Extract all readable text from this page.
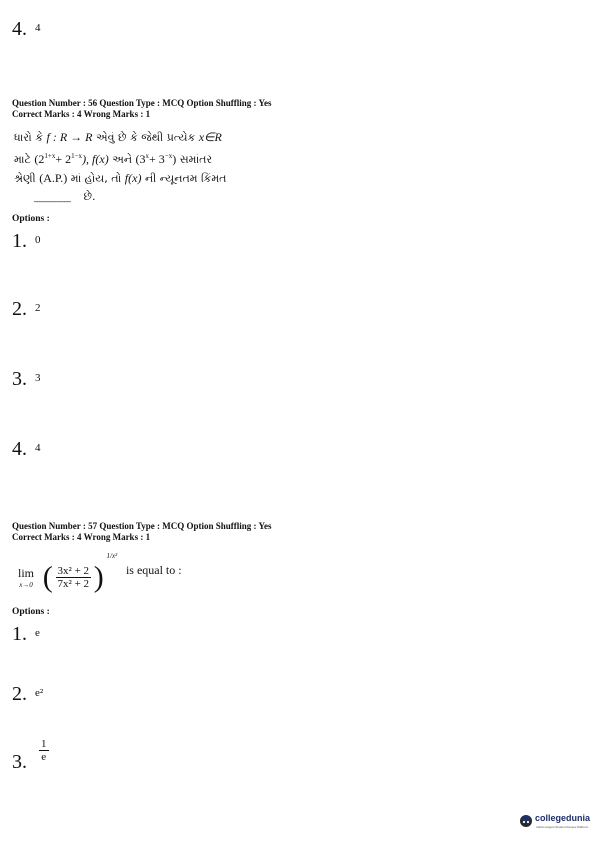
4. $^4$
Question Number : 56 Question Type : MCQ Option Shuffling : Yes
Correct Marks : 4 Wrong Marks : 1
ધારો કે f : R → R એવું છે કે જેથી પ્રત્યેક x∈R
માટે $(2^{1+x}+ 2^{1-x})$, f(x) અને $(3^x+ 3^{-x})$ સમાંતર
શ્રેણી (A.P.) માં હોય, તો f(x) ની ન્યૂનતમ કિંમત
____________ છે.
Options :
1. $^0$
2. $^2$
3. $^3$
4. $^4$
Question Number : 57 Question Type : MCQ Option Shuffling : Yes
Correct Marks : 4 Wrong Marks : 1
lim
x→0 ( $\frac{\text{3x² + 2}}{\text{7x² + 2}}$ ) $^{1/x^2}$ is equal to :
Options :
1. $^e$
2. $^{e^2}$
3. $\frac{1}{e}$
collegedunia
India's largest Student Review Platform
